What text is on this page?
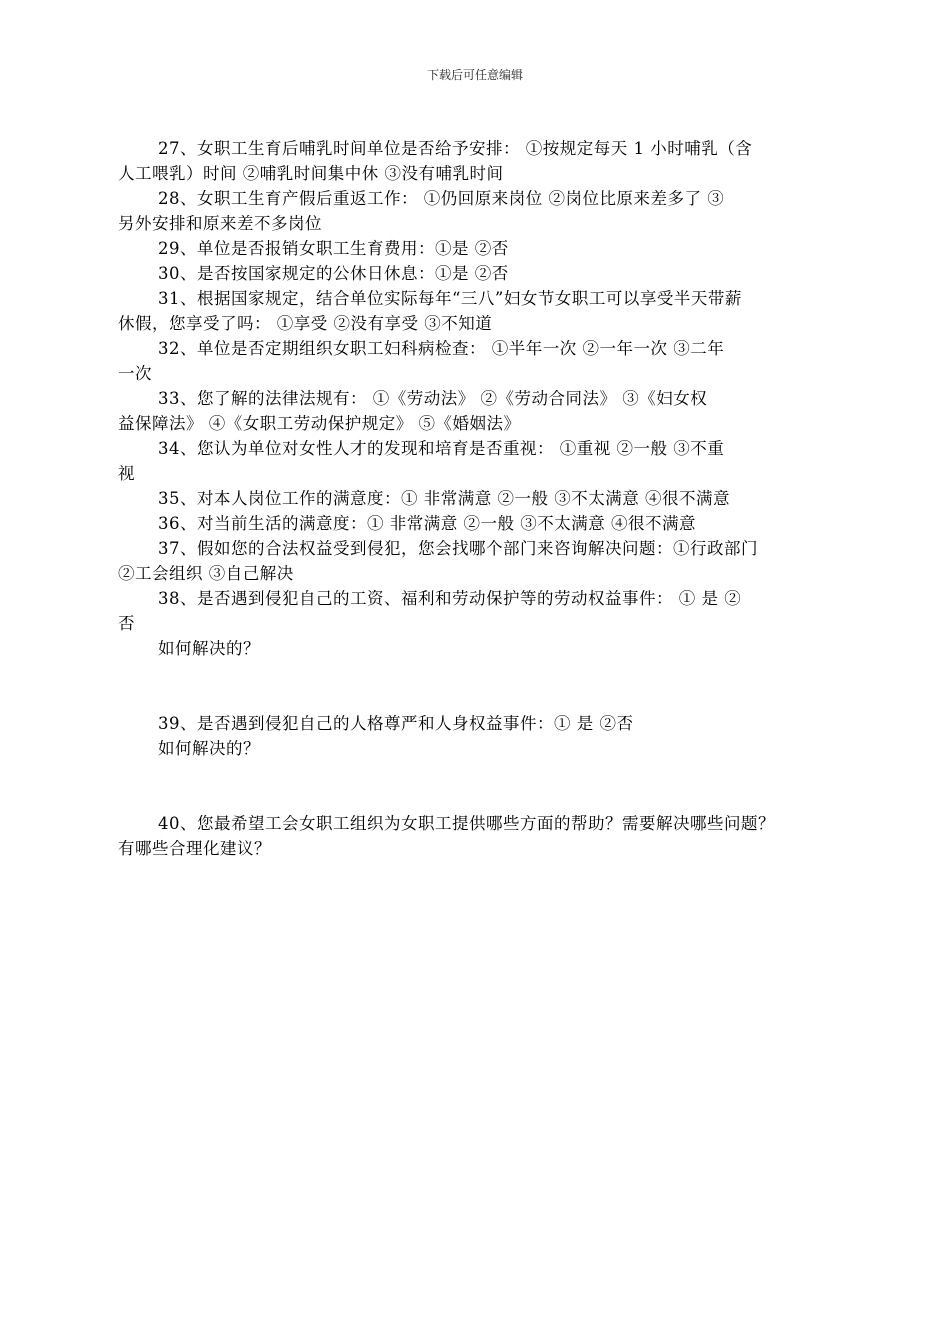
下载后可任意编辑
27、女职工生育后哺乳时间单位是否给予安排： ①按规定每天 1 小时哺乳（含
人工喂乳）时间 ②哺乳时间集中休 ③没有哺乳时间
28、女职工生育产假后重返工作： ①仍回原来岗位 ②岗位比原来差多了 ③
另外安排和原来差不多岗位
29、单位是否报销女职工生育费用：①是 ②否
30、是否按国家规定的公休日休息：①是 ②否
31、根据国家规定，结合单位实际每年“三八”妇女节女职工可以享受半天带薪
休假，您享受了吗： ①享受 ②没有享受 ③不知道
32、单位是否定期组织女职工妇科病检查： ①半年一次 ②一年一次 ③二年
一次
33、您了解的法律法规有： ①《劳动法》 ②《劳动合同法》 ③《妇女权
益保障法》 ④《女职工劳动保护规定》 ⑤《婚姻法》
34、您认为单位对女性人才的发现和培育是否重视： ①重视 ②一般 ③不重
视
35、对本人岗位工作的满意度：① 非常满意 ②一般 ③不太满意 ④很不满意
36、对当前生活的满意度：① 非常满意 ②一般 ③不太满意 ④很不满意
37、假如您的合法权益受到侵犯，您会找哪个部门来咨询解决问题：①行政部门
②工会组织 ③自己解决
38、是否遇到侵犯自己的工资、福利和劳动保护等的劳动权益事件： ① 是 ②
否
如何解决的？
39、是否遇到侵犯自己的人格尊严和人身权益事件：① 是 ②否
如何解决的？
40、您最希望工会女职工组织为女职工提供哪些方面的帮助？需要解决哪些问题？
有哪些合理化建议？
